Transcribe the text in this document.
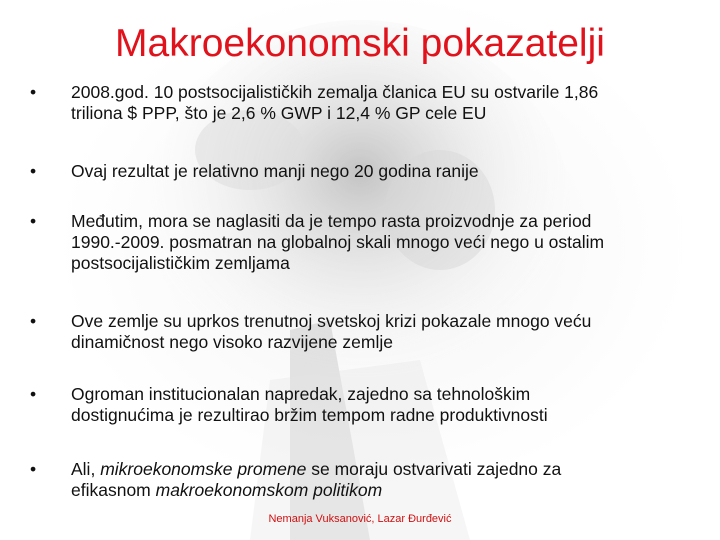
Makroekonomski pokazatelji
•	2008.god. 10 postsocijalističkih zemalja članica EU su ostvarile 1,86
triliona $ PPP, što je 2,6 % GWP i 12,4 % GP cele EU
•	Ovaj rezultat je relativno manji nego 20 godina ranije
•	Međutim, mora se naglasiti da je tempo rasta proizvodnje za period
1990.-2009. posmatran na globalnoj skali mnogo veći nego u ostalim
postsocijalističkim zemljama
•	Ove zemlje su uprkos trenutnoj svetskoj krizi pokazale mnogo veću
dinamičnost nego visoko razvijene zemlje
•	Ogroman institucionalan napredak, zajedno sa tehnološkim
dostignućima je rezultirao bržim tempom radne produktivnosti
•	Ali, mikroekonomske promene se moraju ostvarivati zajedno za
efikasnom makroekonomskom politikom
Nemanja Vuksanović, Lazar Đurđević
